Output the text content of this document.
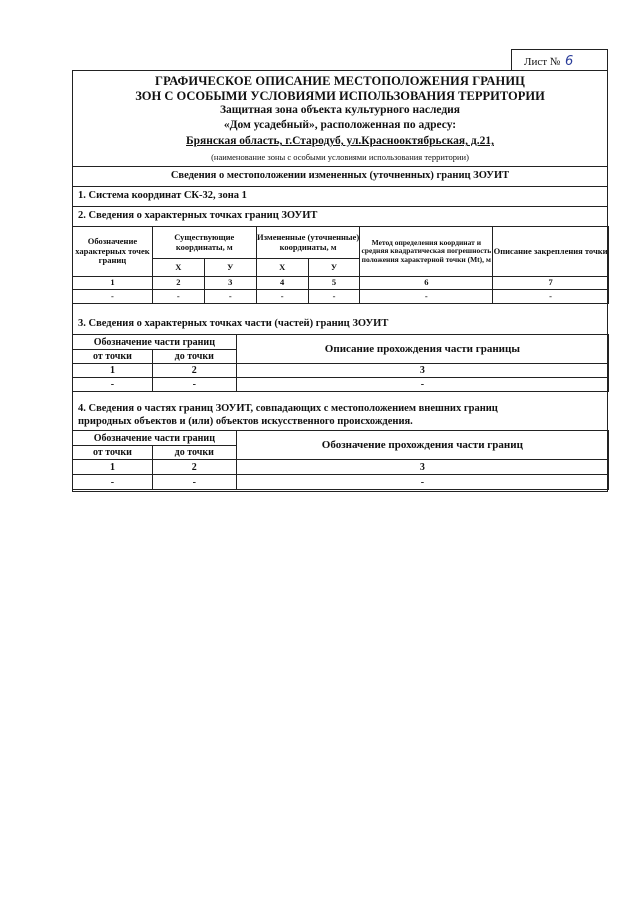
Лист № 6
ГРАФИЧЕСКОЕ ОПИСАНИЕ МЕСТОПОЛОЖЕНИЯ ГРАНИЦ
ЗОН С ОСОБЫМИ УСЛОВИЯМИ ИСПОЛЬЗОВАНИЯ ТЕРРИТОРИИ
Защитная зона объекта культурного наследия
«Дом усадебный», расположенная по адресу:
Брянская область, г.Стародуб, ул.Краснооктябрьская, д.21,
(наименование зоны с особыми условиями использования территории)
Сведения о местоположении измененных (уточненных) границ ЗОУИТ
1. Система координат СК-32, зона 1
2. Сведения о характерных точках границ ЗОУИТ
Обозначение характерных точек границ	Существующие координаты, м		Измененные (уточненные) координаты, м		Метод определения координат и средняя квадратическая погрешность положения характерной точки (Mt), м	Описание закрепления точки
	X	У	X	У		
1	2	3	4	5	6	7
-	-	-	-	-	-	-
3. Сведения о характерных точках части (частей) границ ЗОУИТ
Обозначение части границ		Описание прохождения части границы
от точки	до точки	
1	2	3
-	-	-
4. Сведения о частях границ ЗОУИТ, совпадающих с местоположением внешних границ
природных объектов и (или) объектов искусственного происхождения.
Обозначение части границ		Обозначение прохождения части границ
от точки	до точки	
1	2	3
-	-	-
